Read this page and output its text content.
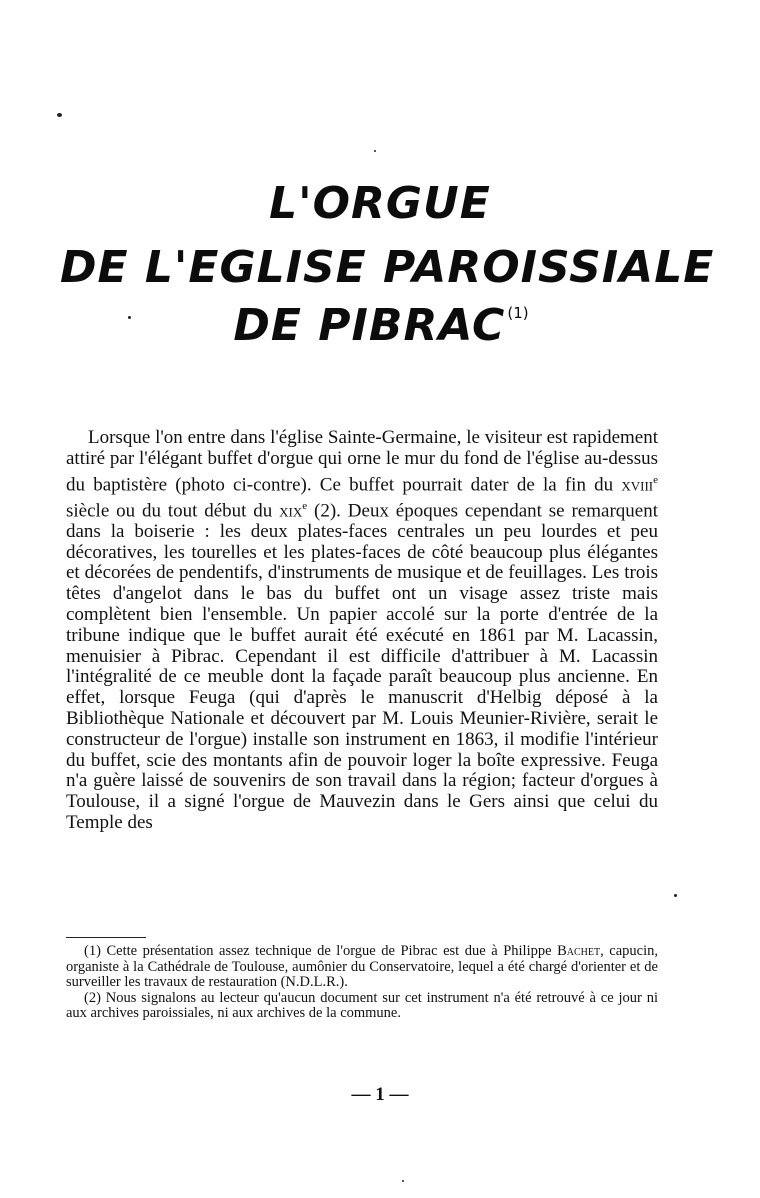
L'ORGUE
DE L'EGLISE PAROISSIALE
DE PIBRAC $^{(1)}$

Lorsque l'on entre dans l'église Sainte-Germaine, le visiteur est rapidement attiré par l'élégant buffet d'orgue qui orne le mur du fond de l'église au-dessus du baptistère (photo ci-contre). Ce buffet pourrait dater de la fin du xviii$^e$ siècle ou du tout début du xix$^e$ (2). Deux époques cependant se remarquent dans la boiserie : les deux plates-faces centrales un peu lourdes et peu décoratives, les tourelles et les plates-faces de côté beaucoup plus élégantes et décorées de pendentifs, d'instruments de musique et de feuillages. Les trois têtes d'angelot dans le bas du buffet ont un visage assez triste mais complètent bien l'ensemble. Un papier accolé sur la porte d'entrée de la tribune indique que le buffet aurait été exécuté en 1861 par M. Lacassin, menuisier à Pibrac. Cependant il est difficile d'attribuer à M. Lacassin l'intégralité de ce meuble dont la façade paraît beaucoup plus ancienne. En effet, lorsque Feuga (qui d'après le manuscrit d'Helbig déposé à la Bibliothèque Nationale et découvert par M. Louis Meunier-Rivière, serait le constructeur de l'orgue) installe son instrument en 1863, il modifie l'intérieur du buffet, scie des montants afin de pouvoir loger la boîte expressive. Feuga n'a guère laissé de souvenirs de son travail dans la région; facteur d'orgues à Toulouse, il a signé l'orgue de Mauvezin dans le Gers ainsi que celui du Temple des

(1) Cette présentation assez technique de l'orgue de Pibrac est due à Philippe Bachet, capucin, organiste à la Cathédrale de Toulouse, aumônier du Conservatoire, lequel a été chargé d'orienter et de surveiller les travaux de restauration (N.D.L.R.).

(2) Nous signalons au lecteur qu'aucun document sur cet instrument n'a été retrouvé à ce jour ni aux archives paroissiales, ni aux archives de la commune.

— 1 —
